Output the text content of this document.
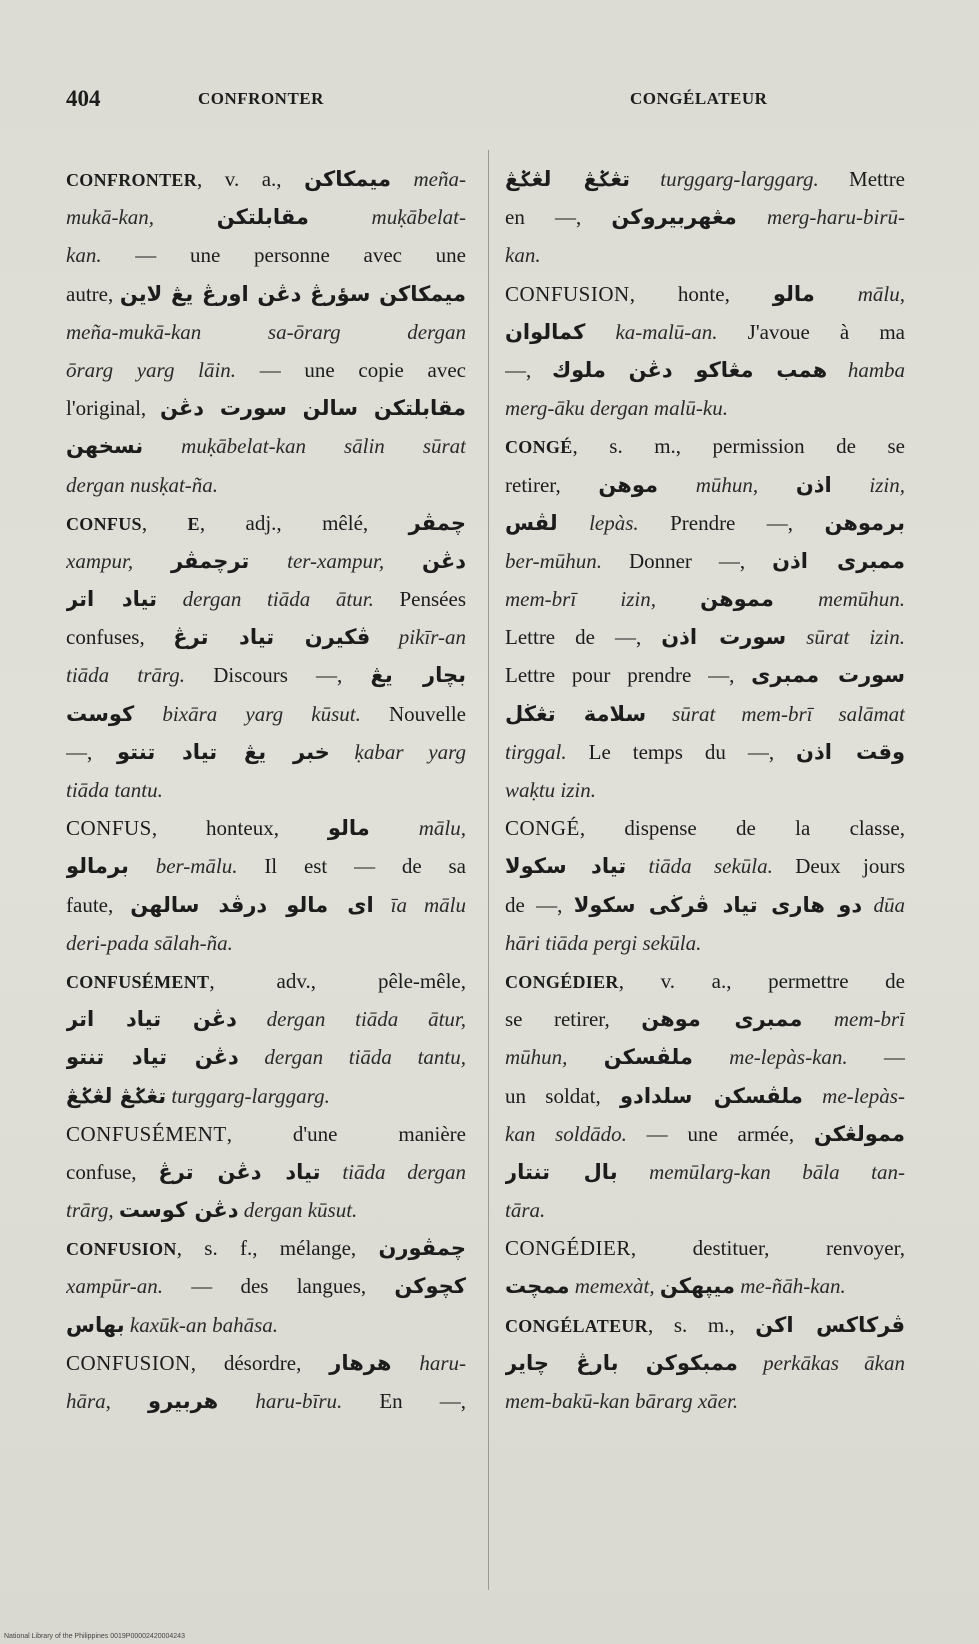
404	CONFRONTER	CONGÉLATEUR
CONFRONTER, v. a., ميمكاكن meña-
mukā-kan,	مقابلتكن muḳābelat-
kan. — une personne avec une
autre, ميمكاكن سؤرڠ دڠن اورڠ يڠ لاين
meña-mukā-kan sa-ōrarg dergan
ōrarg yarg lāin. — une copie avec
l'original, مقابلتكن سالن سورت دڠن
نسخهن muḳābelat-kan sālin sūrat
dergan nusḳat-ña.
CONFUS, E, adj., mêlé, چمڤر
xampur, ترچمڤر ter-xampur, دڠن
تياد اتر dergan tiāda ātur. Pensées
confuses, ڤكيرن تياد ترڠ pikīr-an
tiāda trārg. Discours —, بچار يڠ
كوست bixāra yarg kūsut. Nouvelle
—, خبر يڠ تياد تنتو ḳabar yarg
tiāda tantu.
CONFUS, honteux, مالو mālu,
برمالو ber-mālu. Il est — de sa
faute, اى مالو درڤد سالهن īa mālu
deri-pada sālah-ña.
CONFUSÉMENT, adv., pêle-mêle,
دڠن تياد اتر dergan tiāda ātur,
دڠن تياد تنتو dergan tiāda tantu,
تڠݢڠ لڠݢڠ turggarg-larggarg.
CONFUSÉMENT, d'une manière
confuse, تياد دڠن ترڠ tiāda dergan
trārg, دڠن كوست dergan kūsut.
CONFUSION, s. f., mélange, چمڤورن
xampūr-an. — des langues, كچوكن
بهاس kaxūk-an bahāsa.
CONFUSION, désordre, هرهار haru-
hāra, هربيرو haru-bīru. En —,
تڠݢڠ لڠݢڠ turggarg-larggarg. Mettre
en —, مڠهربيروكن merg-haru-birū-
kan.
CONFUSION, honte, مالو mālu,
كمالوان ka-malū-an. J'avoue à ma
—, همب مڠاكو دڠن ملوك hamba
merg-āku dergan malū-ku.
CONGÉ, s. m., permission de se
retirer, موهن mūhun, اذن izin,
لڤس lepàs. Prendre —, برموهن
ber-mūhun. Donner —, ممبرى اذن
mem-brī izin, مموهن memūhun.
Lettre de —, سورت اذن sūrat izin.
Lettre pour prendre —, سورت ممبرى
سلامة تڠڬل sūrat mem-brī salāmat
tirggal. Le temps du —, وقت اذن
waḳtu izin.
CONGÉ, dispense de la classe,
تياد سكولا tiāda sekūla. Deux jours
de —, دو هارى تياد ڤرڬى سكولا dūa
hāri tiāda pergi sekūla.
CONGÉDIER, v. a., permettre de
se retirer, ممبرى موهن mem-brī
mūhun, ملڤسكن me-lepàs-kan. —
un soldat, ملڤسكن سلدادو me-lepàs-
kan soldādo. — une armée, ممولڠكن
بال تنتار memūlarg-kan bāla tan-
tāra.
CONGÉDIER, destituer, renvoyer,
ممچت memexàt, ميڽهكن me-ñāh-kan.
CONGÉLATEUR, s. m., ڤركاكس اكن
ممبكوكن بارڠ چاير perkākas ākan
mem-bakū-kan bārarg xāer.
National Library of the Philippines 0019P00002420004243
